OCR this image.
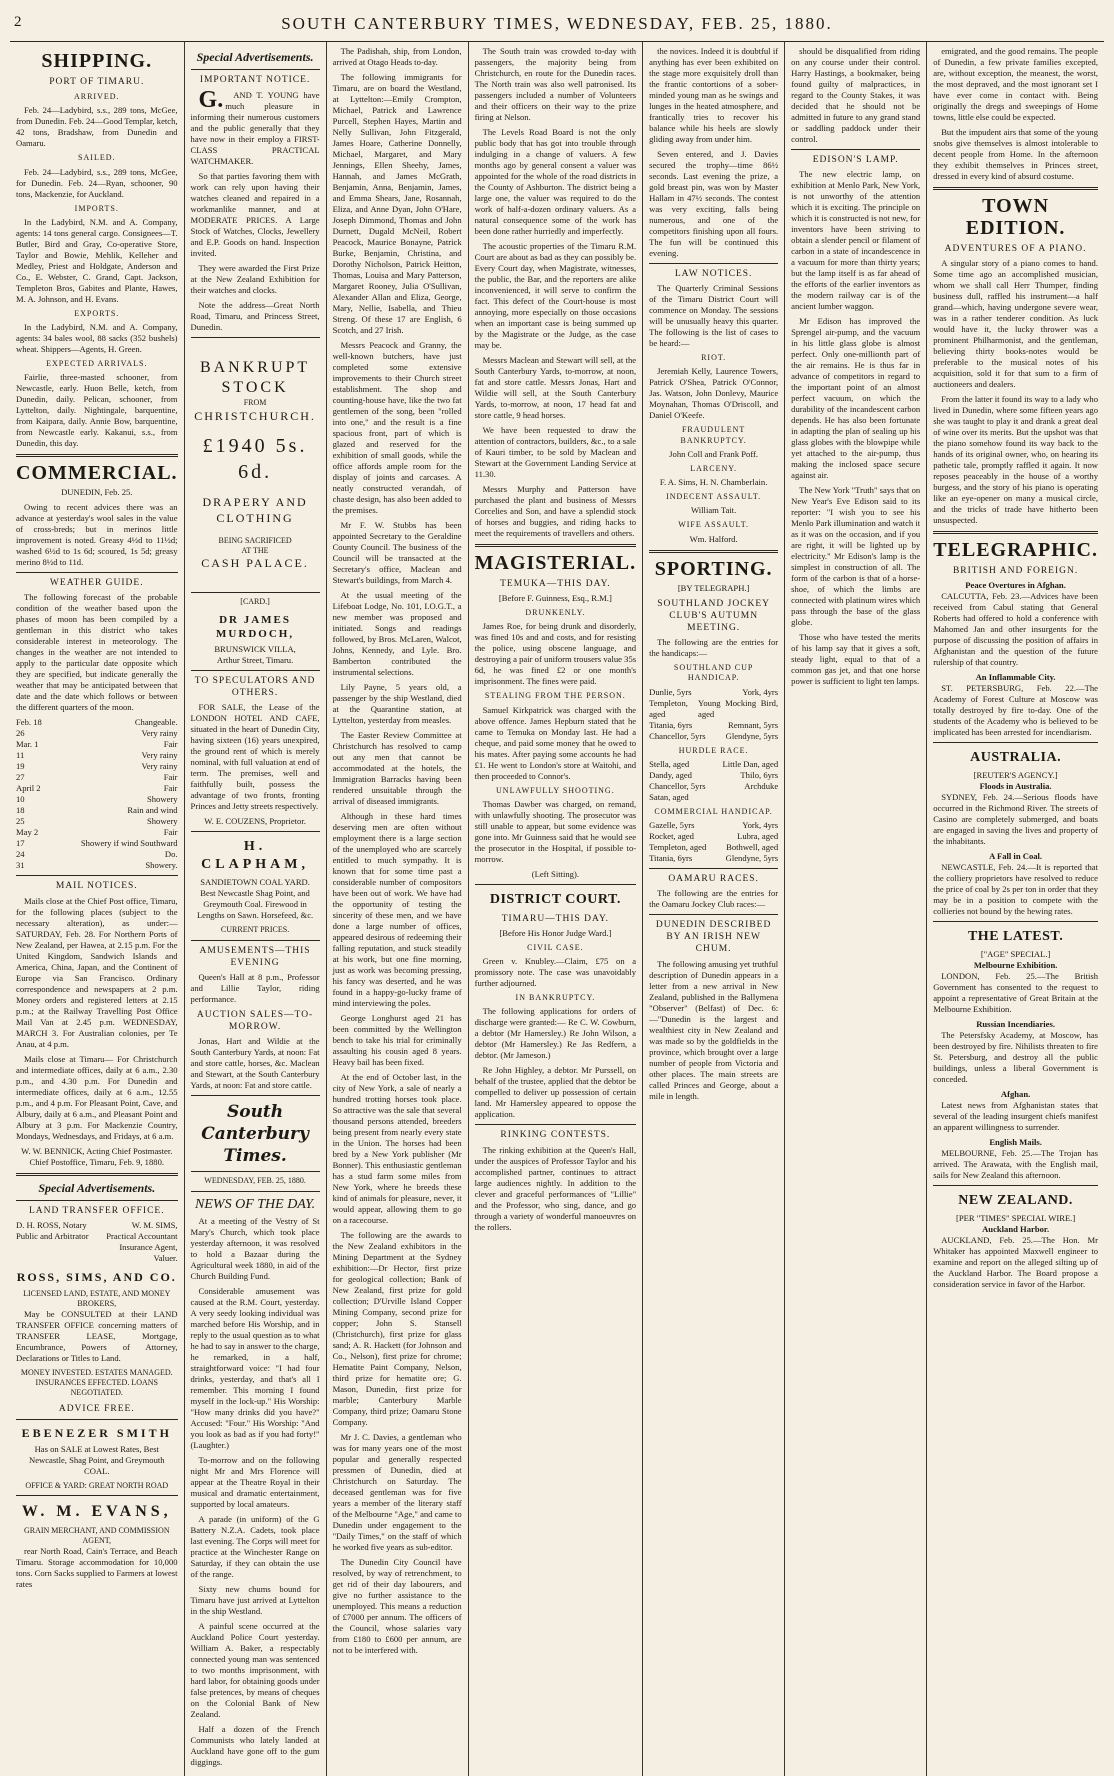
2	SOUTH CANTERBURY TIMES, WEDNESDAY, FEB. 25, 1880.
SHIPPING.
PORT OF TIMARU.
ARRIVED.

Feb. 24—Ladybird, s.s., 289 tons, McGee, from Dunedin. Feb. 24—Good Templar, ketch, 42 tons, Bradshaw, from Dunedin and Oamaru.

SAILED.

Feb. 24—Ladybird, s.s., 289 tons, McGee, for Dunedin. Feb. 24—Ryan, schooner, 90 tons, Mackenzie, for Auckland.

IMPORTS.

In the Ladybird, N.M. and A. Company, agents: 14 tons general cargo. Consignees—T. Butler, Bird and Gray, Co-operative Store, Taylor and Bowie, Mehlik, Kelleher and Medley, Priest and Holdgate, Anderson and Co., E. Webster, C. Grand, Capt. Jackson, Templeton Bros, Gabites and Plante, Hawes, M. A. Johnson, and H. Evans.

EXPORTS.

In the Ladybird, N.M. and A. Company, agents: 34 bales wool, 88 sacks (352 bushels) wheat. Shippers—Agents, H. Green.

EXPECTED ARRIVALS.

Fairlie, three-masted schooner, from Newcastle, early. Huon Belle, ketch, from Dunedin, daily. Pelican, schooner, from Lyttelton, daily. Nightingale, barquentine, from Kaipara, daily. Annie Bow, barquentine, from Newcastle early. Kakanui, s.s., from Dunedin, this day.

COMMERCIAL.

DUNEDIN, Feb. 25.

Owing to recent advices there was an advance at yesterday's wool sales in the value of cross-breds; but in merinos little improvement is noted. Greasy 4½d to 11½d; washed 6½d to 1s 6d; scoured, 1s 5d; greasy merino 8½d to 11d.

WEATHER GUIDE.

The following forecast of the probable condition of the weather based upon the phases of moon has been compiled by a gentleman in this district who takes considerable interest in meteorology. The changes in the weather are not intended to apply to the particular date opposite which they are specified, but indicate generally the weather that may be anticipated between that date and the date which follows or between the different quarters of the moon.

Feb. 18	Changeable.
26	Very rainy
Mar. 1	Fair
11	Very rainy
19	Very rainy
27	Fair
April 2	Fair
10	Showery
18	Rain and wind
25	Showery
May 2	Fair
17	Showery if wind Southward
24	Do.
31	Showery.
MAIL NOTICES.

Mails close at the Chief Post office, Timaru, for the following places (subject to the necessary alteration), as under:— SATURDAY, Feb. 28. For Northern Ports of New Zealand, per Hawea, at 2.15 p.m. For the United Kingdom, Sandwich Islands and America, China, Japan, and the Continent of Europe via San Francisco. Ordinary correspondence and newspapers at 2 p.m. Money orders and registered letters at 2.15 p.m.; at the Railway Travelling Post Office Mail Van at 2.45 p.m. WEDNESDAY, MARCH 3. For Australian colonies, per Te Anau, at 4 p.m.

Mails close at Timaru— For Christchurch and intermediate offices, daily at 6 a.m., 2.30 p.m., and 4.30 p.m. For Dunedin and intermediate offices, daily at 6 a.m., 12.55 p.m., and 4 p.m. For Pleasant Point, Cave, and Albury, daily at 6 a.m., and Pleasant Point and Albury at 3 p.m. For Mackenzie Country, Mondays, Wednesdays, and Fridays, at 6 a.m.

W. W. BENNICK, Acting Chief Postmaster. Chief Postoffice, Timaru, Feb. 9, 1880.

Special Advertisements.
LAND TRANSFER OFFICE.
D. H. ROSS, Notary Public and Arbitrator
W. M. SIMS, Practical Accountant Insurance Agent, Valuer.
ROSS, SIMS, AND CO.
LICENSED LAND, ESTATE, AND MONEY BROKERS,

May be CONSULTED at their LAND TRANSFER OFFICE concerning matters of TRANSFER LEASE, Mortgage, Encumbrance, Powers of Attorney, Declarations or Titles to Land.

MONEY INVESTED. ESTATES MANAGED. INSURANCES EFFECTED. LOANS NEGOTIATED.

ADVICE FREE.
EBENEZER SMITH

Has on SALE at Lowest Rates, Best Newcastle, Shag Point, and Greymouth COAL.

OFFICE & YARD: GREAT NORTH ROAD

W. M. EVANS,
GRAIN MERCHANT, AND COMMISSION AGENT,

rear North Road, Cain's Terrace, and Beach Timaru. Storage accommodation for 10,000 tons. Corn Sacks supplied to Farmers at lowest rates

Special Advertisements.
IMPORTANT NOTICE.

G. AND T. YOUNG have much pleasure in informing their numerous customers and the public generally that they have now in their employ a FIRST-CLASS PRACTICAL WATCHMAKER.

So that parties favoring them with work can rely upon having their watches cleaned and repaired in a workmanlike manner, and at MODERATE PRICES. A Large Stock of Watches, Clocks, Jewellery and E.P. Goods on hand. Inspection invited.

They were awarded the First Prize at the New Zealand Exhibition for their watches and clocks.

Note the address—Great North Road, Timaru, and Princess Street, Dunedin.

BANKRUPT STOCK
FROM
CHRISTCHURCH.
£1940 5s. 6d.
DRAPERY AND CLOTHING
BEING SACRIFICED
AT THE
CASH PALACE.
[CARD.]
DR JAMES MURDOCH,
BRUNSWICK VILLA,
Arthur Street, Timaru.
TO SPECULATORS AND OTHERS.

FOR SALE, the Lease of the LONDON HOTEL AND CAFE, situated in the heart of Dunedin City, having sixteen (16) years unexpired, the ground rent of which is merely nominal, with full valuation at end of term. The premises, well and faithfully built, possess the advantage of two fronts, fronting Princes and Jetty streets respectively.

W. E. COUZENS, Proprietor.

H. CLAPHAM,
SANDIETOWN COAL YARD.

Best Newcastle Shag Point, and Greymouth Coal. Firewood in Lengths on Sawn. Horsefeed, &c.

CURRENT PRICES.
AMUSEMENTS—THIS EVENING

Queen's Hall at 8 p.m., Professor and Lillie Taylor, riding performance.

AUCTION SALES—TO-MORROW.

Jonas, Hart and Wildie at the South Canterbury Yards, at noon: Fat and store cattle, horses, &c. Maclean and Stewart, at the South Canterbury Yards, at noon: Fat and store cattle.

South Canterbury Times.
WEDNESDAY, FEB. 25, 1880.
NEWS OF THE DAY.

At a meeting of the Vestry of St Mary's Church, which took place yesterday afternoon, it was resolved to hold a Bazaar during the Agricultural week 1880, in aid of the Church Building Fund.

Considerable amusement was caused at the R.M. Court, yesterday. A very seedy looking individual was marched before His Worship, and in reply to the usual question as to what he had to say in answer to the charge, he remarked, in a half, straightforward voice: "I had four drinks, yesterday, and that's all I remember. This morning I found myself in the lock-up." His Worship: "How many drinks did you have?" Accused: "Four." His Worship: "And you look as bad as if you had forty!" (Laughter.)

To-morrow and on the following night Mr and Mrs Florence will appear at the Theatre Royal in their musical and dramatic entertainment, supported by local amateurs.

A parade (in uniform) of the G Battery N.Z.A. Cadets, took place last evening. The Corps will meet for practice at the Winchester Range on Saturday, if they can obtain the use of the range.

Sixty new chums bound for Timaru have just arrived at Lyttelton in the ship Westland.

A painful scene occurred at the Auckland Police Court yesterday. William A. Baker, a respectably connected young man was sentenced to two months imprisonment, with hard labor, for obtaining goods under false pretences, by means of cheques on the Colonial Bank of New Zealand.

Half a dozen of the French Communists who lately landed at Auckland have gone off to the gum diggings.

The Padishah, ship, from London, arrived at Otago Heads to-day.

The following immigrants for Timaru, are on board the Westland, at Lyttelton:—Emily Crompton, Michael, Patrick and Lawrence Purcell, Stephen Hayes, Martin and Nelly Sullivan, John Fitzgerald, James Hoare, Catherine Donnelly, Michael, Margaret, and Mary Jennings, Ellen Sheehy, James, Hannah, and James McGrath, Benjamin, Anna, Benjamin, James, and Emma Shears, Jane, Rosannah, Eliza, and Anne Dyan, John O'Hare, Joseph Dimmond, Thomas and John Durnett, Dugald McNeil, Robert Peacock, Maurice Bonayne, Patrick Burke, Benjamin, Christina, and Dorothy Nicholson, Patrick Heitton, Thomas, Louisa and Mary Patterson, Margaret Rooney, Julia O'Sullivan, Alexander Allan and Eliza, George, Mary, Nellie, Isabella, and Thieu Streng. Of these 17 are English, 6 Scotch, and 27 Irish.

Messrs Peacock and Granny, the well-known butchers, have just completed some extensive improvements to their Church street establishment. The shop and counting-house have, like the two fat gentlemen of the song, been "rolled into one," and the result is a fine spacious front, part of which is glazed and reserved for the exhibition of small goods, while the office affords ample room for the display of joints and carcases. A neatly constructed verandah, of chaste design, has also been added to the premises.

Mr F. W. Stubbs has been appointed Secretary to the Geraldine County Council. The business of the Council will be transacted at the Secretary's office, Maclean and Stewart's buildings, from March 4.

At the usual meeting of the Lifeboat Lodge, No. 101, I.O.G.T., a new member was proposed and initiated. Songs and readings followed, by Bros. McLaren, Walcot, Johns, Kennedy, and Lyle. Bro. Bamberton contributed the instrumental selections.

Lily Payne, 5 years old, a passenger by the ship Westland, died at the Quarantine station, at Lyttelton, yesterday from measles.

The Easter Review Committee at Christchurch has resolved to camp out any men that cannot be accommodated at the hotels, the Immigration Barracks having been rendered unsuitable through the arrival of diseased immigrants.

Although in these hard times deserving men are often without employment there is a large section of the unemployed who are scarcely entitled to much sympathy. It is known that for some time past a considerable number of compositors have been out of work. We have had the opportunity of testing the sincerity of these men, and we have done a large number of offices, appeared desirous of redeeming their falling reputation, and stuck steadily at his work, but one fine morning, just as work was becoming pressing, his fancy was deserted, and he was found in a happy-go-lucky frame of mind interviewing the poles.

George Longhurst aged 21 has been committed by the Wellington bench to take his trial for criminally assaulting his cousin aged 8 years. Heavy bail has been fixed.

At the end of October last, in the city of New York, a sale of nearly a hundred trotting horses took place. So attractive was the sale that several thousand persons attended, breeders being present from nearly every state in the Union. The horses had been bred by a New York publisher (Mr Bonner). This enthusiastic gentleman has a stud farm some miles from New York, where he breeds these kind of animals for pleasure, never, it would appear, allowing them to go on a racecourse.

The following are the awards to the New Zealand exhibitors in the Mining Department at the Sydney exhibition:—Dr Hector, first prize for geological collection; Bank of New Zealand, first prize for gold collection; D'Urville Island Copper Mining Company, second prize for copper; John S. Stansell (Christchurch), first prize for glass sand; A. R. Hackett (for Johnson and Co., Nelson), first prize for chrome; Hematite Paint Company, Nelson, third prize for hematite ore; G. Mason, Dunedin, first prize for marble; Canterbury Marble Company, third prize; Oamaru Stone Company.

Mr J. C. Davies, a gentleman who was for many years one of the most popular and generally respected pressmen of Dunedin, died at Christchurch on Saturday. The deceased gentleman was for five years a member of the literary staff of the Melbourne "Age," and came to Dunedin under engagement to the "Daily Times," on the staff of which he worked five years as sub-editor.

The Dunedin City Council have resolved, by way of retrenchment, to get rid of their day labourers, and give no further assistance to the unemployed. This means a reduction of £7000 per annum. The officers of the Council, whose salaries vary from £180 to £600 per annum, are not to be interfered with.

The South train was crowded to-day with passengers, the majority being from Christchurch, en route for the Dunedin races. The North train was also well patronised. Its passengers included a number of Volunteers and their officers on their way to the prize firing at Nelson.

The Levels Road Board is not the only public body that has got into trouble through indulging in a change of valuers. A few months ago by general consent a valuer was appointed for the whole of the road districts in the County of Ashburton. The district being a large one, the valuer was required to do the work of half-a-dozen ordinary valuers. As a natural consequence some of the work has been done rather hurriedly and imperfectly.

The acoustic properties of the Timaru R.M. Court are about as bad as they can possibly be. Every Court day, when Magistrate, witnesses, the public, the Bar, and the reporters are alike inconvenienced, it will serve to confirm the fact. This defect of the Court-house is most annoying, more especially on those occasions when an important case is being summed up by the Magistrate or the Judge, as the case may be.

Messrs Maclean and Stewart will sell, at the South Canterbury Yards, to-morrow, at noon, fat and store cattle. Messrs Jonas, Hart and Wildie will sell, at the South Canterbury Yards, to-morrow, at noon, 17 head fat and store cattle, 9 head horses.

We have been requested to draw the attention of contractors, builders, &c., to a sale of Kauri timber, to be sold by Maclean and Stewart at the Government Landing Service at 11.30.

Messrs Murphy and Patterson have purchased the plant and business of Messrs Corcelies and Son, and have a splendid stock of horses and buggies, and riding hacks to meet the requirements of travellers and others.

MAGISTERIAL.
TEMUKA—THIS DAY.
[Before F. Guinness, Esq., R.M.]
DRUNKENLY.

James Roe, for being drunk and disorderly, was fined 10s and and costs, and for resisting the police, using obscene language, and destroying a pair of uniform trousers value 35s 6d, he was fined £2 or one month's imprisonment. The fines were paid.

STEALING FROM THE PERSON.

Samuel Kirkpatrick was charged with the above offence. James Hepburn stated that he came to Temuka on Monday last. He had a cheque, and paid some money that he owed to his mates. After paying some accounts he had £1. He went to London's store at Waitohi, and then proceeded to Connor's.

UNLAWFULLY SHOOTING.

Thomas Dawber was charged, on remand, with unlawfully shooting. The prosecutor was still unable to appear, but some evidence was gone into. Mr Guinness said that he would see the prosecutor in the Hospital, if possible to-morrow.

(Left Sitting).
DISTRICT COURT.
TIMARU—THIS DAY.
[Before His Honor Judge Ward.]
CIVIL CASE.

Green v. Knubley.—Claim, £75 on a promissory note. The case was unavoidably further adjourned.

IN BANKRUPTCY.

The following applications for orders of discharge were granted:— Re C. W. Cowburn, a debtor (Mr Hamersley.) Re John Wilson, a debtor (Mr Hamersley.) Re Jas Redfern, a debtor. (Mr Jameson.)

Re John Highley, a debtor. Mr Purssell, on behalf of the trustee, applied that the debtor be compelled to deliver up possession of certain land. Mr Hamersley appeared to oppose the application.

RINKING CONTESTS.

The rinking exhibition at the Queen's Hall, under the auspices of Professor Taylor and his accomplished partner, continues to attract large audiences nightly. In addition to the clever and graceful performances of "Lillie" and the Professor, who sing, dance, and go through a variety of wonderful manoeuvres on the rollers.

the novices. Indeed it is doubtful if anything has ever been exhibited on the stage more exquisitely droll than the frantic contortions of a sober-minded young man as he swings and lunges in the heated atmosphere, and frantically tries to recover his balance while his heels are slowly gliding away from under him.

Seven entered, and J. Davies secured the trophy—time 86½ seconds. Last evening the prize, a gold breast pin, was won by Master Hallam in 47½ seconds. The contest was very exciting, falls being numerous, and one of the competitors finishing upon all fours. The fun will be continued this evening.

LAW NOTICES.

The Quarterly Criminal Sessions of the Timaru District Court will commence on Monday. The sessions will be unusually heavy this quarter. The following is the list of cases to be heard:—

RIOT.

Jeremiah Kelly, Laurence Towers, Patrick O'Shea, Patrick O'Connor, Jas. Watson, John Donlevy, Maurice Moynahan, Thomas O'Driscoll, and Daniel O'Keefe.

FRAUDULENT BANKRUPTCY.

John Coll and Frank Poff.

LARCENY.

F. A. Sims, H. N. Chamberlain.

INDECENT ASSAULT.

William Tait.

WIFE ASSAULT.

Wm. Halford.

SPORTING.
[BY TELEGRAPH.]
SOUTHLAND JOCKEY CLUB'S AUTUMN MEETING.

The following are the entries for the handicaps:—

SOUTHLAND CUP HANDICAP.
Dunlie, 5yrs	York, 4yrs
Templeton, aged
Young Mocking Bird, aged
Titania, 6yrs	Remnant, 5yrs
Chancellor, 5yrs Glendyne, 5yrs
HURDLE RACE.
Stella, aged	Little Dan, aged
Dandy, aged	Thilo, 6yrs
Chancellor, 5yrs	Archduke
Satan, aged
COMMERCIAL HANDICAP.
Gazelle, 5yrs	York, 4yrs
Rocket, aged	Lubra, aged
Templeton, aged Bothwell, aged
Titania, 6yrs	Glendyne, 5yrs
OAMARU RACES.

The following are the entries for the Oamaru Jockey Club races:—

DUNEDIN DESCRIBED BY AN IRISH NEW CHUM.

The following amusing yet truthful description of Dunedin appears in a letter from a new arrival in New Zealand, published in the Ballymena "Observer" (Belfast) of Dec. 6:—"Dunedin is the largest and wealthiest city in New Zealand and was made so by the goldfields in the province, which brought over a large number of people from Victoria and other places. The main streets are called Princes and George, about a mile in length.

should be disqualified from riding on any course under their control. Harry Hastings, a bookmaker, being found guilty of malpractices, in regard to the County Stakes, it was decided that he should not be admitted in future to any grand stand or saddling paddock under their control.

EDISON'S LAMP.

The new electric lamp, on exhibition at Menlo Park, New York, is not unworthy of the attention which it is exciting. The principle on which it is constructed is not new, for inventors have been striving to obtain a slender pencil or filament of carbon in a state of incandescence in a vacuum for more than thirty years; but the lamp itself is as far ahead of the efforts of the earlier inventors as the modern railway car is of the ancient lumber waggon.

Mr Edison has improved the Sprengel air-pump, and the vacuum in his little glass globe is almost perfect. Only one-millionth part of the air remains. He is thus far in advance of competitors in regard to the important point of an almost perfect vacuum, on which the durability of the incandescent carbon depends. He has also been fortunate in adapting the plan of sealing up his glass globes with the blowpipe while yet attached to the air-pump, thus making the inclosed space secure against air.

The New York "Truth" says that on New Year's Eve Edison said to its reporter: "I wish you to see his Menlo Park illumination and watch it as it was on the occasion, and if you are right, it will be lighted up by electricity." Mr Edison's lamp is the simplest in construction of all. The form of the carbon is that of a horse-shoe, of which the limbs are connected with platinum wires which pass through the base of the glass globe.

Those who have tested the merits of his lamp say that it gives a soft, steady light, equal to that of a common gas jet, and that one horse power is sufficient to light ten lamps.

emigrated, and the good remains. The people of Dunedin, a few private families excepted, are, without exception, the meanest, the worst, the most depraved, and the most ignorant set I have ever come in contact with. Being originally the dregs and sweepings of Home towns, little else could be expected.

But the impudent airs that some of the young snobs give themselves is almost intolerable to decent people from Home. In the afternoon they exhibit themselves in Princes street, dressed in every kind of absurd costume.

TOWN EDITION.
ADVENTURES OF A PIANO.

A singular story of a piano comes to hand. Some time ago an accomplished musician, whom we shall call Herr Thumper, finding business dull, raffled his instrument—a half grand—which, having undergone severe wear, was in a rather tenderer condition. As luck would have it, the lucky thrower was a prominent Philharmonist, and the gentleman, believing thirty books-notes would be preferable to the musical notes of his acquisition, sold it for that sum to a firm of auctioneers and dealers.

From the latter it found its way to a lady who lived in Dunedin, where some fifteen years ago she was taught to play it and drank a great deal of wine over its merits. But the upshot was that the piano somehow found its way back to the hands of its original owner, who, on hearing its pathetic tale, promptly raffled it again. It now reposes peaceably in the house of a worthy burgess, and the story of his piano is operating like an eye-opener on many a musical circle, and the tricks of trade have hitherto been unsuspected.

TELEGRAPHIC.
BRITISH AND FOREIGN.
Peace Overtures in Afghan.

CALCUTTA, Feb. 23.—Advices have been received from Cabul stating that General Roberts had offered to hold a conference with Mahomed Jan and other insurgents for the purpose of discussing the position of affairs in Afghanistan and the question of the future rulership of that country.

An Inflammable City.

ST. PETERSBURG, Feb. 22.—The Academy of Forest Culture at Moscow was totally destroyed by fire to-day. One of the students of the Academy who is believed to be implicated has been arrested for incendiarism.

AUSTRALIA.
[REUTER'S AGENCY.]
Floods in Australia.

SYDNEY, Feb. 24.—Serious floods have occurred in the Richmond River. The streets of Casino are completely submerged, and boats are engaged in saving the lives and property of the inhabitants.

A Fall in Coal.

NEWCASTLE, Feb. 24.—It is reported that the colliery proprietors have resolved to reduce the price of coal by 2s per ton in order that they may be in a position to compete with the collieries not bound by the hewing rates.

THE LATEST.
["AGE" SPECIAL.]
Melbourne Exhibition.

LONDON, Feb. 25.—The British Government has consented to the request to appoint a representative of Great Britain at the Melbourne Exhibition.

Russian Incendiaries.

The Petersfsky Academy, at Moscow, has been destroyed by fire. Nihilists threaten to fire St. Petersburg, and destroy all the public buildings, unless a liberal Government is conceded.

Afghan.

Latest news from Afghanistan states that several of the leading insurgent chiefs manifest an apparent willingness to surrender.

English Mails.

MELBOURNE, Feb. 25.—The Trojan has arrived. The Arawata, with the English mail, sails for New Zealand this afternoon.

NEW ZEALAND.
[PER "TIMES" SPECIAL WIRE.]
Auckland Harbor.

AUCKLAND, Feb. 25.—The Hon. Mr Whitaker has appointed Maxwell engineer to examine and report on the alleged silting up of the Auckland Harbor. The Board propose a consideration service in favor of the Harbor.
